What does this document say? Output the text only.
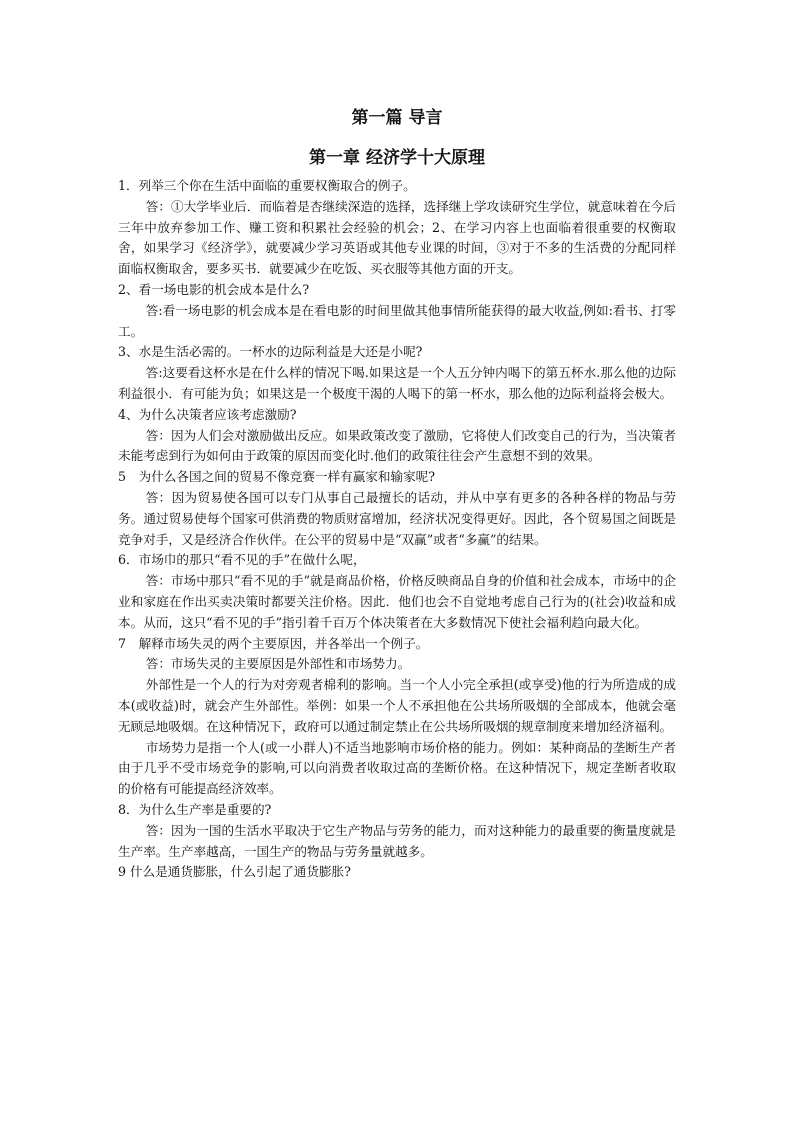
第一篇 导言
第一章 经济学十大原理
1．列举三个你在生活中面临的重要权衡取合的例子。
答：①大学毕业后．而临着是杏继续深造的选择，选择继上学攻读研究生学位，就意味着在今后三年中放弃参加工作、赚工资和积累社会经验的机会；2、在学习内容上也面临着很重要的权衡取舍，如果学习《经济学》，就要减少学习英语或其他专业课的时间，③对于不多的生活费的分配同样面临权衡取舍，要多买书．就要减少在吃饭、买衣服等其他方面的开支。
2、看一场电影的机会成本是什么?
答:看一场电影的机会成本是在看电影的时间里做其他事情所能获得的最大收益,例如:看书、打零工。
3、水是生活必需的。一杯水的边际利益是大还是小呢?
答:这要看这杯水是在什么样的情况下喝.如果这是一个人五分钟内喝下的第五杯水.那么他的边际利益很小．有可能为负；如果这是一个极度干渴的人喝下的第一杯水，那么他的边际利益将会极大。
4、为什么决策者应该考虑激励?
答：因为人们会对激励做出反应。如果政策改变了激励，它将使人们改变自己的行为，当决策者未能考虑到行为如何由于政策的原因而变化时.他们的政策往往会产生意想不到的效果。
5　为什么各国之间的贸易不像竞赛一样有赢家和输家呢?
答：因为贸易使各国可以专门从事自己最擅长的话动，并从中享有更多的各种各样的物品与劳务。通过贸易使每个国家可供消费的物质财富增加，经济状况变得更好。因此，各个贸易国之间既是竞争对手，又是经济合作伙伴。在公平的贸易中是“双赢”或者“多赢”的结果。
6．市场巾的那只“看不见的手”在做什么呢，
答：市场中那只“看不见的手”就是商品价格，价格反映商品自身的价值和社会成本，市场中的企业和家庭在作出买卖决策时都要关注价格。因此．他们也会不自觉地考虑自己行为的(社会)收益和成本。从而，这只“看不见的手”指引着千百万个体决策者在大多数情况下使社会福利趋向最大化。
7　解释市场失灵的两个主要原因，并各举出一个例子。
答：市场失灵的主要原因是外部性和市场势力。
外部性是一个人的行为对旁观者棉利的影响。当一个人小完全承担(或享受)他的行为所造成的成本(或收益)时，就会产生外部性。举例：如果一个人不承担他在公共场所吸烟的全部成本，他就会毫无顾忌地吸烟。在这种情况下，政府可以通过制定禁止在公共场所吸烟的规章制度来增加经济福利。
市场势力是指一个人(或一小群人)不适当地影响市场价格的能力。例如：某种商品的垄断生产者由于几乎不受市场竞争的影响,可以向消费者收取过高的垄断价格。在这种情况下，规定垄断者收取的价格有可能提高经济效率。
8．为什么生产率是重要的?
答：因为一国的生活水平取决于它生产物品与劳务的能力，而对这种能力的最重要的衡量度就是生产率。生产率越高，一国生产的物品与劳务量就越多。
9 什么是通货膨胀，什么引起了通货膨胀?
